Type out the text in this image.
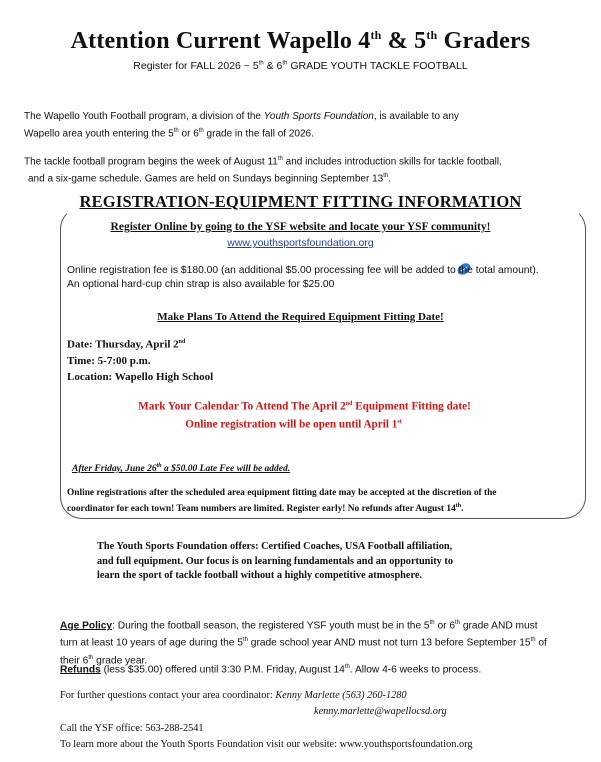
Attention Current Wapello 4th & 5th Graders
Register for FALL 2026 ~ 5th & 6th GRADE YOUTH TACKLE FOOTBALL
The Wapello Youth Football program, a division of the Youth Sports Foundation, is available to any
Wapello area youth entering the 5th or 6th grade in the fall of 2026.
The tackle football program begins the week of August 11th and includes introduction skills for tackle football,
and a six-game schedule. Games are held on Sundays beginning September 13th.
REGISTRATION-EQUIPMENT FITTING INFORMATION
Register Online by going to the YSF website and locate your YSF community!
www.youthsportsfoundation.org
Online registration fee is $180.00 (an additional $5.00 processing fee will be added to the total amount).
An optional hard-cup chin strap is also available for $25.00
Make Plans To Attend the Required Equipment Fitting Date!
Date: Thursday, April 2nd
Time: 5-7:00 p.m.
Location: Wapello High School
Mark Your Calendar To Attend The April 2nd Equipment Fitting date!
Online registration will be open until April 1st
After Friday, June 26th a $50.00 Late Fee will be added.
Online registrations after the scheduled area equipment fitting date may be accepted at the discretion of the
coordinator for each town! Team numbers are limited. Register early! No refunds after August 14th.
The Youth Sports Foundation offers: Certified Coaches, USA Football affiliation,
and full equipment. Our focus is on learning fundamentals and an opportunity to
learn the sport of tackle football without a highly competitive atmosphere.
Age Policy: During the football season, the registered YSF youth must be in the 5th or 6th grade AND must
turn at least 10 years of age during the 5th grade school year AND must not turn 13 before September 15th of
their 6th grade year.
Refunds (less $35.00) offered until 3:30 P.M. Friday, August 14th. Allow 4-6 weeks to process.
For further questions contact your area coordinator: Kenny Marlette (563) 260-1280
kenny.marlette@wapellocsd.org
Call the YSF office: 563-288-2541
To learn more about the Youth Sports Foundation visit our website: www.youthsportsfoundation.org
